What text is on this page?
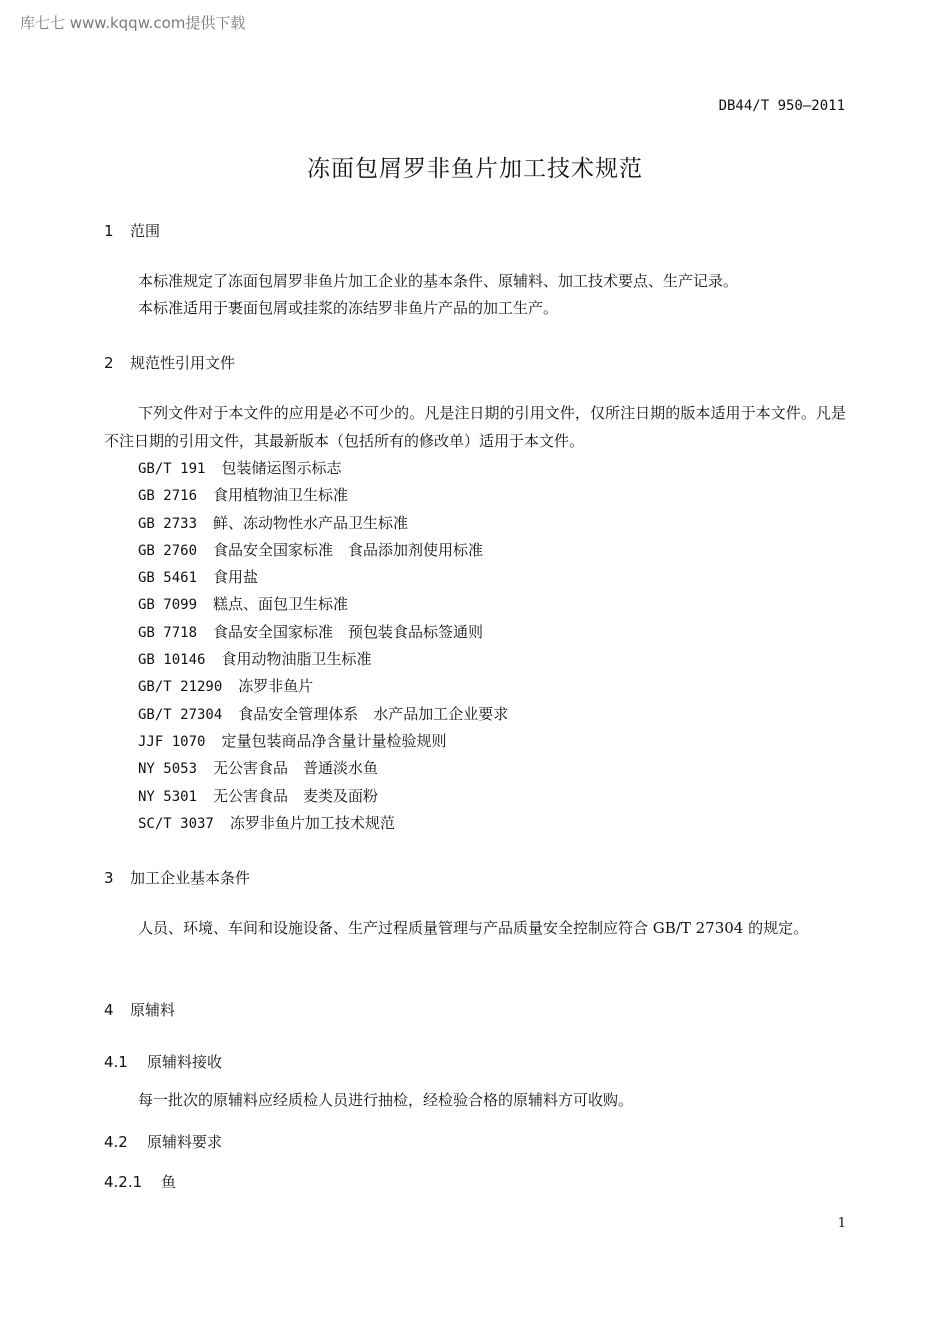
库七七 www.kqqw.com提供下载
DB44/T 950—2011
冻面包屑罗非鱼片加工技术规范
1 范围
本标准规定了冻面包屑罗非鱼片加工企业的基本条件、原辅料、加工技术要点、生产记录。
本标准适用于裹面包屑或挂浆的冻结罗非鱼片产品的加工生产。
2 规范性引用文件
下列文件对于本文件的应用是必不可少的。凡是注日期的引用文件，仅所注日期的版本适用于本文件。凡是不注日期的引用文件，其最新版本（包括所有的修改单）适用于本文件。
GB/T 191 包装储运图示标志
GB 2716 食用植物油卫生标准
GB 2733 鲜、冻动物性水产品卫生标准
GB 2760 食品安全国家标准　食品添加剂使用标准
GB 5461 食用盐
GB 7099 糕点、面包卫生标准
GB 7718 食品安全国家标准　预包装食品标签通则
GB 10146 食用动物油脂卫生标准
GB/T 21290 冻罗非鱼片
GB/T 27304 食品安全管理体系　水产品加工企业要求
JJF 1070 定量包装商品净含量计量检验规则
NY 5053 无公害食品　普通淡水鱼
NY 5301 无公害食品　麦类及面粉
SC/T 3037 冻罗非鱼片加工技术规范
3 加工企业基本条件
人员、环境、车间和设施设备、生产过程质量管理与产品质量安全控制应符合 GB/T 27304 的规定。
4 原辅料
4.1 原辅料接收
每一批次的原辅料应经质检人员进行抽检，经检验合格的原辅料方可收购。
4.2 原辅料要求
4.2.1 鱼
1
